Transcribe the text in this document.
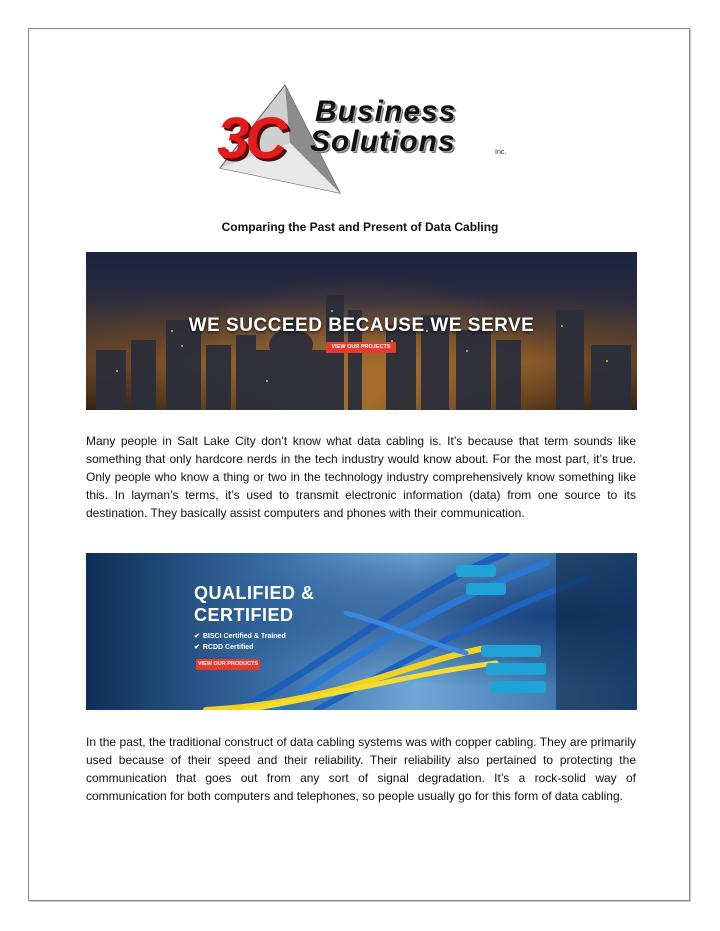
3C Business
Solutions	Inc.
Comparing the Past and Present of Data Cabling
WE SUCCEED BECAUSE WE SERVE
VIEW OUR PROJECTS

Many people in Salt Lake City don’t know what data cabling is. It’s because that term sounds like something that only hardcore nerds in the tech industry would know about. For the most part, it’s true. Only people who know a thing or two in the technology industry comprehensively know something like this. In layman’s terms, it’s used to transmit electronic information (data) from one source to its destination. They basically assist computers and phones with their communication.

QUALIFIED &
CERTIFIED
✔ BISCI Certified & Trained
✔ RCDD Certified
VIEW OUR PRODUCTS

In the past, the traditional construct of data cabling systems was with copper cabling. They are primarily used because of their speed and their reliability. Their reliability also pertained to protecting the communication that goes out from any sort of signal degradation. It’s a rock-solid way of communication for both computers and telephones, so people usually go for this form of data cabling.
